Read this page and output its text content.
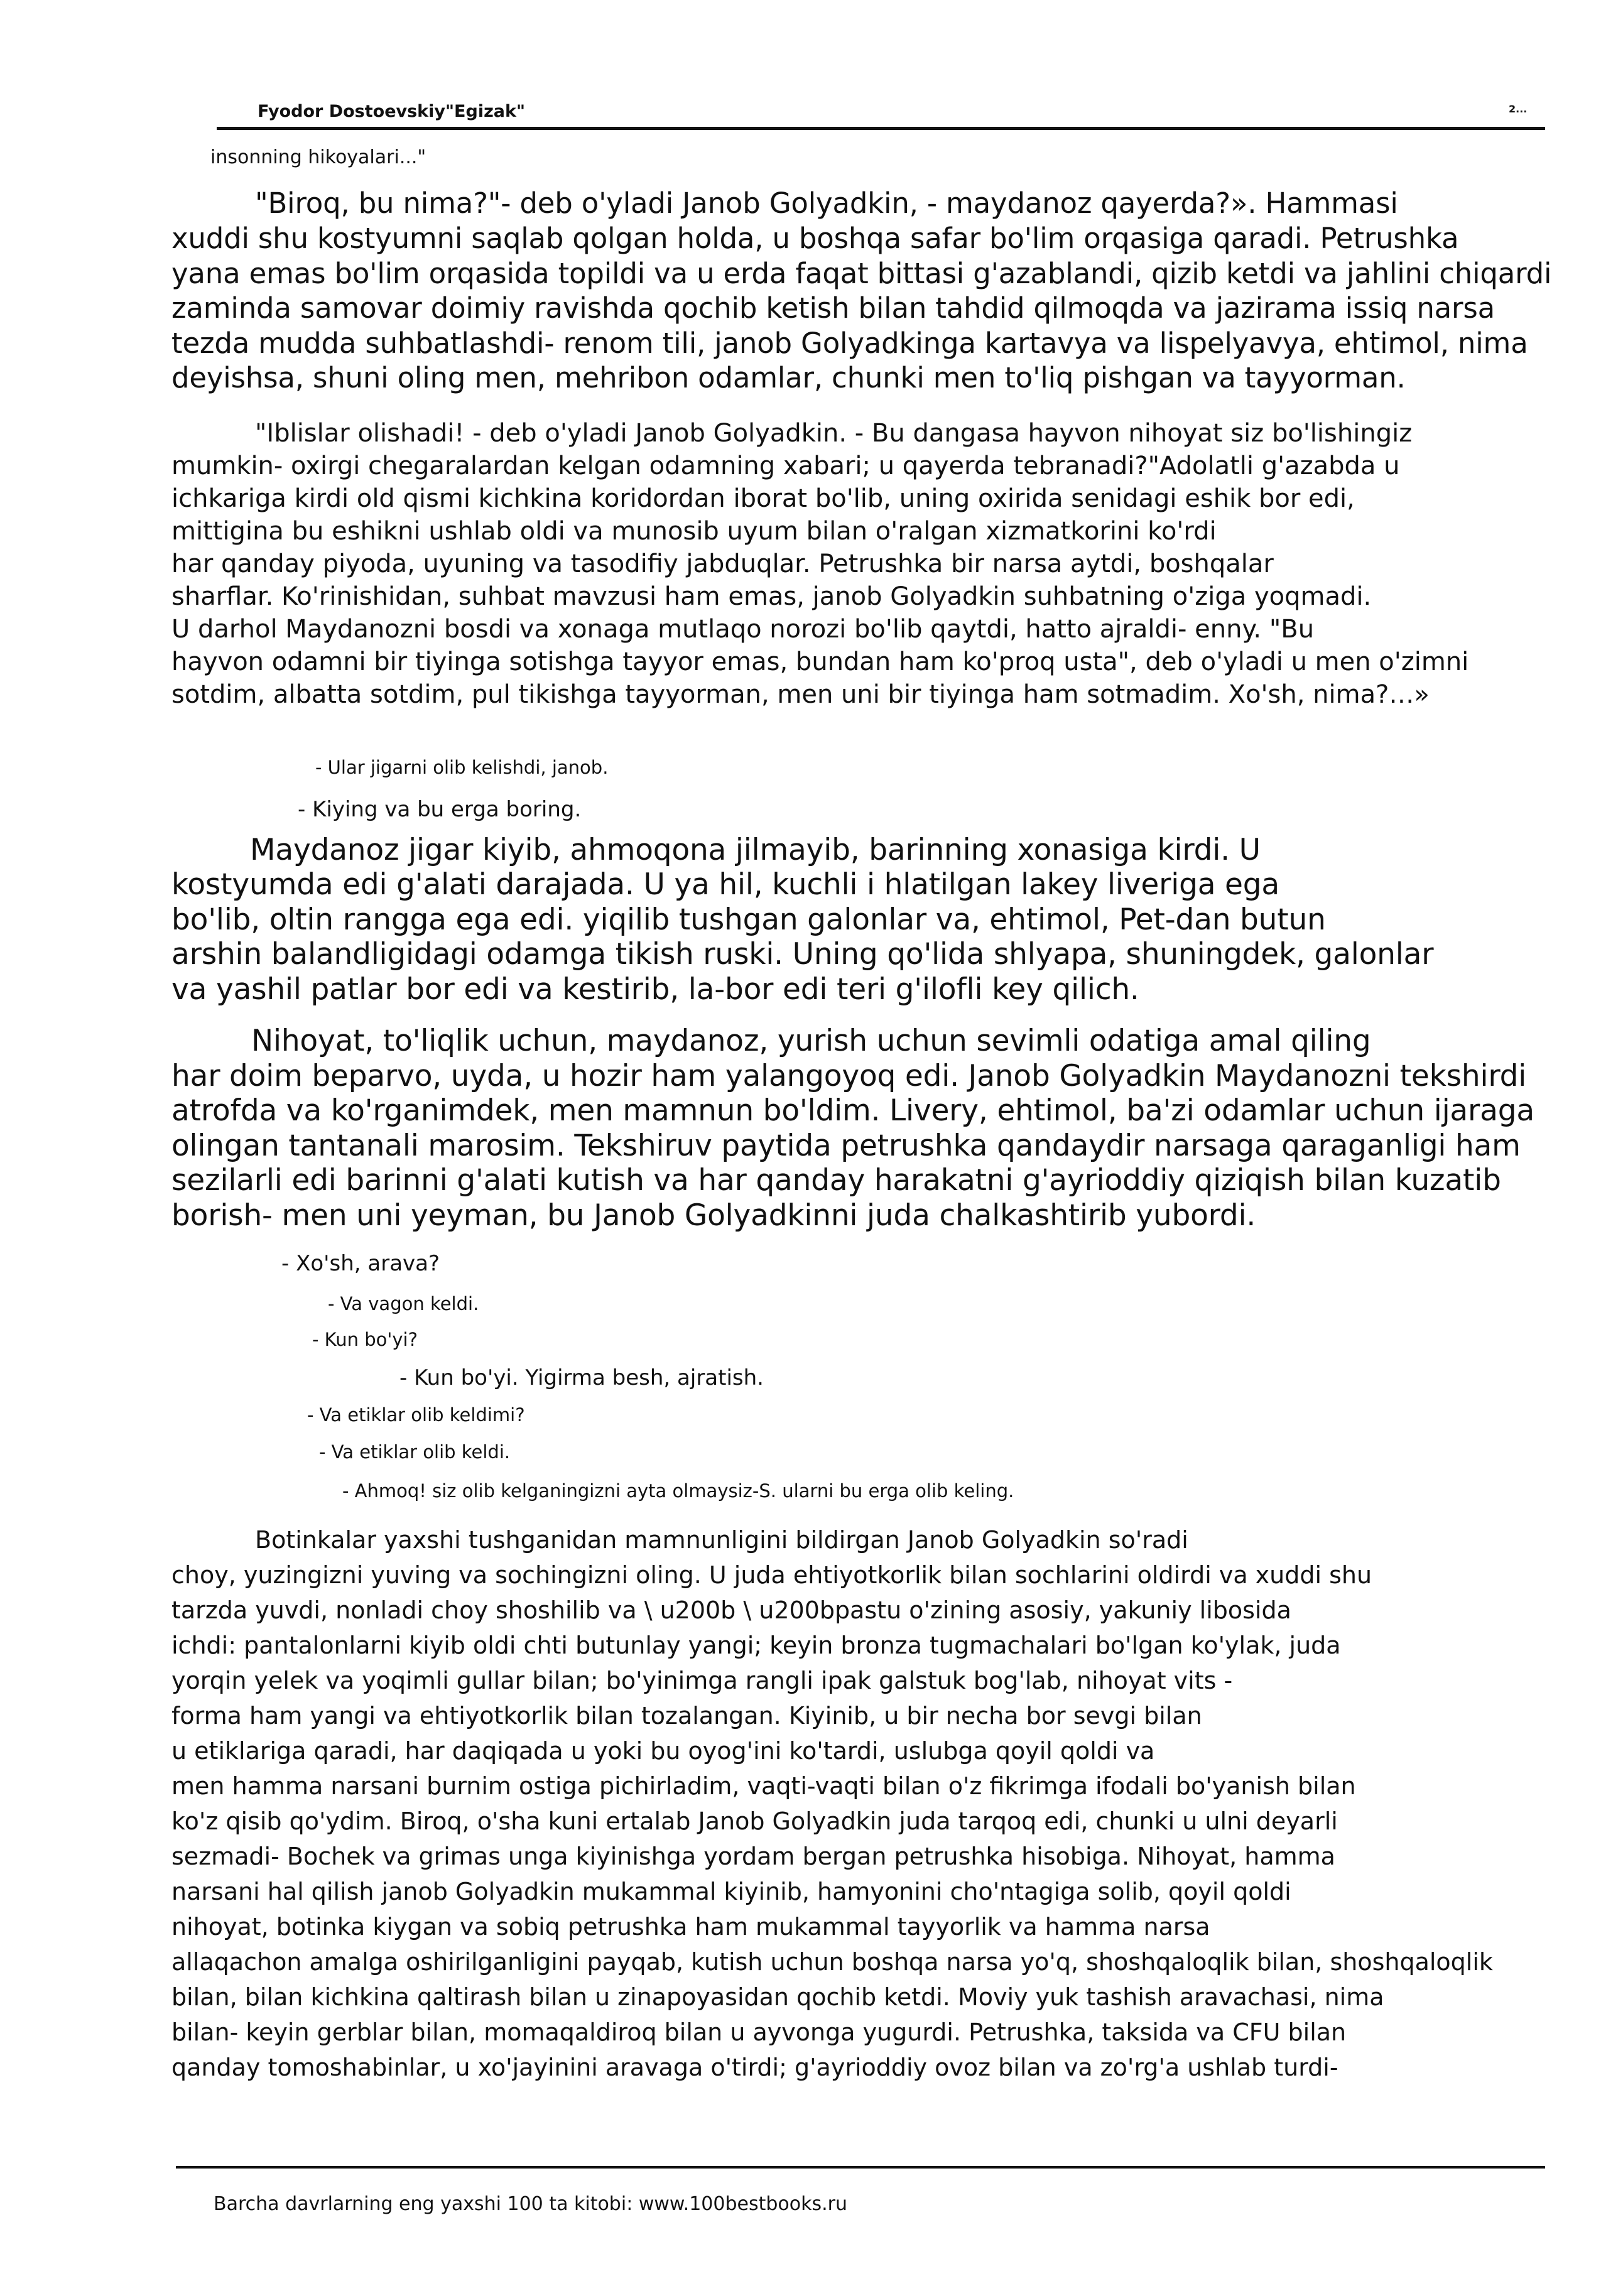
Fyodor Dostoevskiy"Egizak"	2...
insonning hikoyalari..."
"Biroq, bu nima?"- deb o'yladi Janob Golyadkin, - maydanoz qayerda?». Hammasi
xuddi shu kostyumni saqlab qolgan holda, u boshqa safar bo'lim orqasiga qaradi. Petrushka
yana emas bo'lim orqasida topildi va u erda faqat bittasi g'azablandi, qizib ketdi va jahlini chiqardi
zaminda samovar doimiy ravishda qochib ketish bilan tahdid qilmoqda va jazirama issiq narsa
tezda mudda suhbatlashdi- renom tili, janob Golyadkinga kartavya va lispelyavya, ehtimol, nima
deyishsa, shuni oling men, mehribon odamlar, chunki men to'liq pishgan va tayyorman.
"Iblislar olishadi! - deb o'yladi Janob Golyadkin. - Bu dangasa hayvon nihoyat siz bo'lishingiz
mumkin- oxirgi chegaralardan kelgan odamning xabari; u qayerda tebranadi?"Adolatli g'azabda u
ichkariga kirdi old qismi kichkina koridordan iborat bo'lib, uning oxirida senidagi eshik bor edi,
mittigina bu eshikni ushlab oldi va munosib uyum bilan o'ralgan xizmatkorini ko'rdi
har qanday piyoda, uyuning va tasodifiy jabduqlar. Petrushka bir narsa aytdi, boshqalar
sharflar. Ko'rinishidan, suhbat mavzusi ham emas, janob Golyadkin suhbatning o'ziga yoqmadi.
U darhol Maydanozni bosdi va xonaga mutlaqo norozi bo'lib qaytdi, hatto ajraldi- enny. "Bu
hayvon odamni bir tiyinga sotishga tayyor emas, bundan ham ko'proq usta", deb o'yladi u men o'zimni
sotdim, albatta sotdim, pul tikishga tayyorman, men uni bir tiyinga ham sotmadim. Xo'sh, nima?…»
- Ular jigarni olib kelishdi, janob.
- Kiying va bu erga boring.
Maydanoz jigar kiyib, ahmoqona jilmayib, barinning xonasiga kirdi. U
kostyumda edi g'alati darajada. U ya hil, kuchli i hlatilgan lakey liveriga ega
bo'lib, oltin rangga ega edi. yiqilib tushgan galonlar va, ehtimol, Pet-dan butun
arshin balandligidagi odamga tikish ruski. Uning qo'lida shlyapa, shuningdek, galonlar
va yashil patlar bor edi va kestirib, la-bor edi teri g'ilofli key qilich.
Nihoyat, to'liqlik uchun, maydanoz, yurish uchun sevimli odatiga amal qiling
har doim beparvo, uyda, u hozir ham yalangoyoq edi. Janob Golyadkin Maydanozni tekshirdi
atrofda va ko'rganimdek, men mamnun bo'ldim. Livery, ehtimol, ba'zi odamlar uchun ijaraga
olingan tantanali marosim. Tekshiruv paytida petrushka qandaydir narsaga qaraganligi ham
sezilarli edi barinni g'alati kutish va har qanday harakatni g'ayrioddiy qiziqish bilan kuzatib
borish- men uni yeyman, bu Janob Golyadkinni juda chalkashtirib yubordi.
- Xo'sh, arava?
- Va vagon keldi.
- Kun bo'yi?
- Kun bo'yi. Yigirma besh, ajratish.
- Va etiklar olib keldimi?
- Va etiklar olib keldi.
- Ahmoq! siz olib kelganingizni ayta olmaysiz-S. ularni bu erga olib keling.
Botinkalar yaxshi tushganidan mamnunligini bildirgan Janob Golyadkin so'radi
choy, yuzingizni yuving va sochingizni oling. U juda ehtiyotkorlik bilan sochlarini oldirdi va xuddi shu
tarzda yuvdi, nonladi choy shoshilib va \ u200b \ u200bpastu o'zining asosiy, yakuniy libosida
ichdi: pantalonlarni kiyib oldi chti butunlay yangi; keyin bronza tugmachalari bo'lgan ko'ylak, juda
yorqin yelek va yoqimli gullar bilan; bo'yinimga rangli ipak galstuk bog'lab, nihoyat vits -
forma ham yangi va ehtiyotkorlik bilan tozalangan. Kiyinib, u bir necha bor sevgi bilan
u etiklariga qaradi, har daqiqada u yoki bu oyog'ini ko'tardi, uslubga qoyil qoldi va
men hamma narsani burnim ostiga pichirladim, vaqti-vaqti bilan o'z fikrimga ifodali bo'yanish bilan
ko'z qisib qo'ydim. Biroq, o'sha kuni ertalab Janob Golyadkin juda tarqoq edi, chunki u ulni deyarli
sezmadi- Bochek va grimas unga kiyinishga yordam bergan petrushka hisobiga. Nihoyat, hamma
narsani hal qilish janob Golyadkin mukammal kiyinib, hamyonini cho'ntagiga solib, qoyil qoldi
nihoyat, botinka kiygan va sobiq petrushka ham mukammal tayyorlik va hamma narsa
allaqachon amalga oshirilganligini payqab, kutish uchun boshqa narsa yo'q, shoshqaloqlik bilan, shoshqaloqlik
bilan, bilan kichkina qaltirash bilan u zinapoyasidan qochib ketdi. Moviy yuk tashish aravachasi, nima
bilan- keyin gerblar bilan, momaqaldiroq bilan u ayvonga yugurdi. Petrushka, taksida va CFU bilan
qanday tomoshabinlar, u xo'jayinini aravaga o'tirdi; g'ayrioddiy ovoz bilan va zo'rg'a ushlab turdi-
Barcha davrlarning eng yaxshi 100 ta kitobi: www.100bestbooks.ru
